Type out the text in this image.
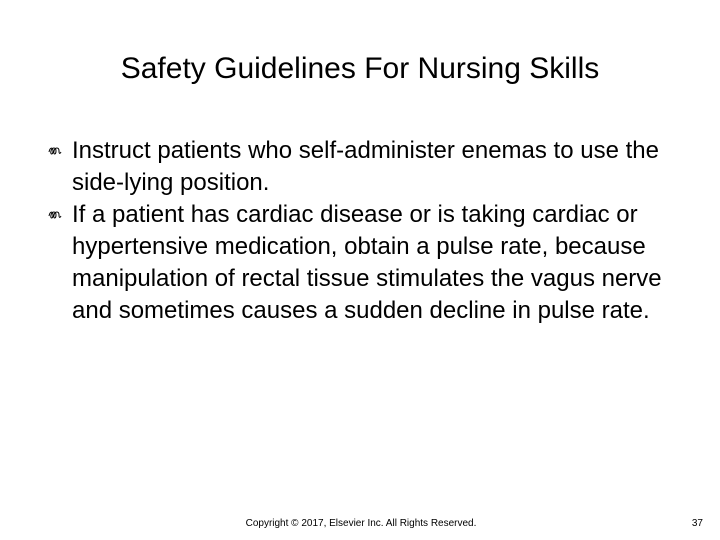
Safety Guidelines For Nursing Skills
Instruct patients who self-administer enemas to use the side-lying position.
If a patient has cardiac disease or is taking cardiac or hypertensive medication, obtain a pulse rate, because manipulation of rectal tissue stimulates the vagus nerve and sometimes causes a sudden decline in pulse rate.
Copyright © 2017, Elsevier Inc. All Rights Reserved.	37
